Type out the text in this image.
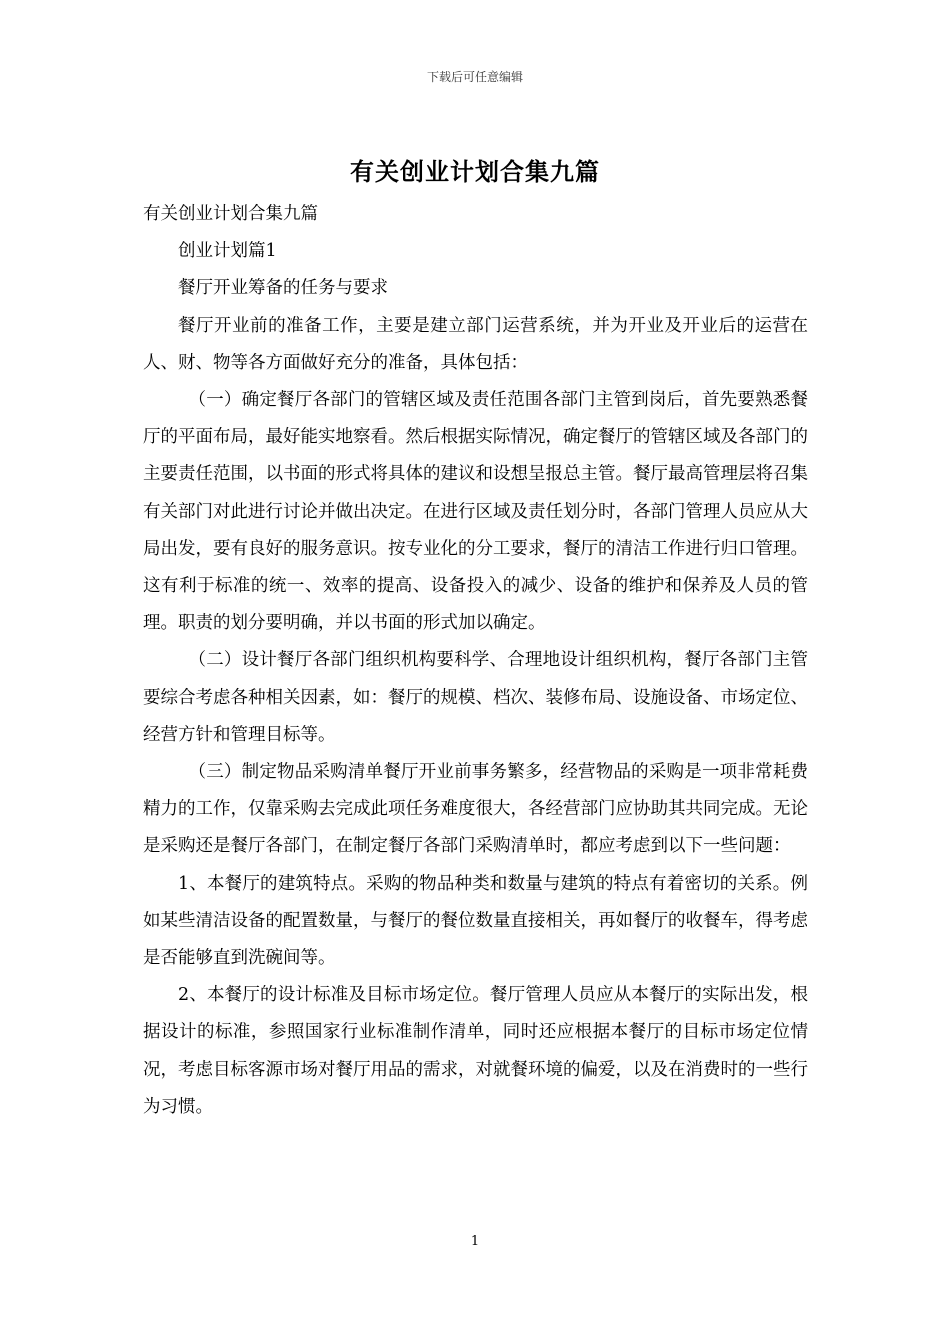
下载后可任意编辑
有关创业计划合集九篇

有关创业计划合集九篇

创业计划篇1

餐厅开业筹备的任务与要求

餐厅开业前的准备工作，主要是建立部门运营系统，并为开业及开业后的运营在人、财、物等各方面做好充分的准备，具体包括：

（一）确定餐厅各部门的管辖区域及责任范围各部门主管到岗后，首先要熟悉餐厅的平面布局，最好能实地察看。然后根据实际情况，确定餐厅的管辖区域及各部门的主要责任范围，以书面的形式将具体的建议和设想呈报总主管。餐厅最高管理层将召集有关部门对此进行讨论并做出决定。在进行区域及责任划分时，各部门管理人员应从大局出发，要有良好的服务意识。按专业化的分工要求，餐厅的清洁工作进行归口管理。这有利于标准的统一、效率的提高、设备投入的减少、设备的维护和保养及人员的管理。职责的划分要明确，并以书面的形式加以确定。

（二）设计餐厅各部门组织机构要科学、合理地设计组织机构，餐厅各部门主管要综合考虑各种相关因素，如：餐厅的规模、档次、装修布局、设施设备、市场定位、经营方针和管理目标等。

（三）制定物品采购清单餐厅开业前事务繁多，经营物品的采购是一项非常耗费精力的工作，仅靠采购去完成此项任务难度很大，各经营部门应协助其共同完成。无论是采购还是餐厅各部门，在制定餐厅各部门采购清单时，都应考虑到以下一些问题：

1、本餐厅的建筑特点。采购的物品种类和数量与建筑的特点有着密切的关系。例如某些清洁设备的配置数量，与餐厅的餐位数量直接相关，再如餐厅的收餐车，得考虑是否能够直到洗碗间等。

2、本餐厅的设计标准及目标市场定位。餐厅管理人员应从本餐厅的实际出发，根据设计的标准，参照国家行业标准制作清单，同时还应根据本餐厅的目标市场定位情况，考虑目标客源市场对餐厅用品的需求，对就餐环境的偏爱，以及在消费时的一些行为习惯。

1
